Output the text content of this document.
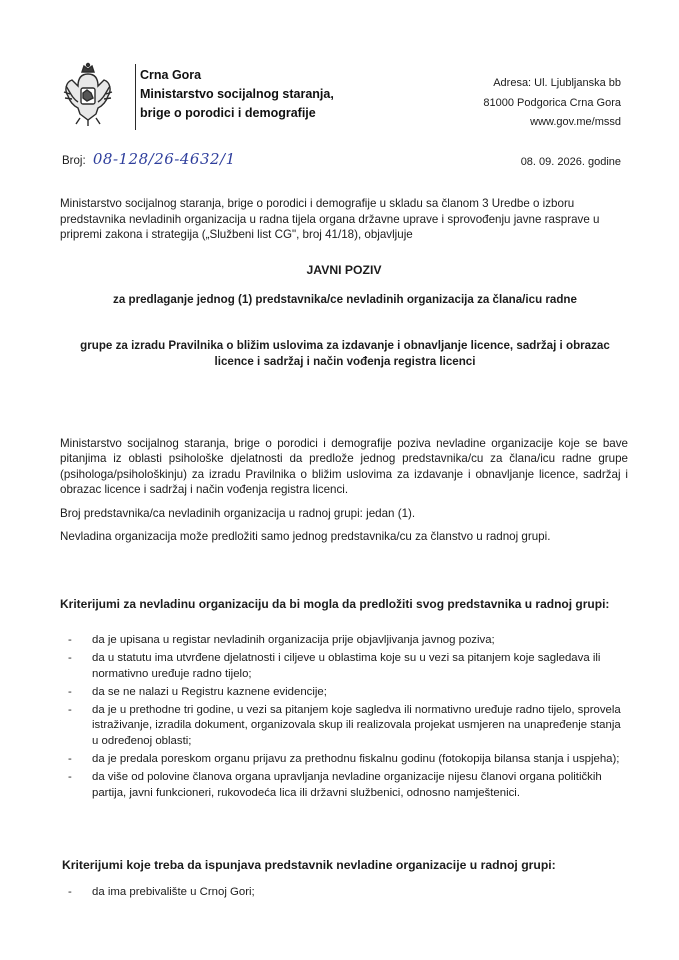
Crna Gora
Ministarstvo socijalnog staranja,
brige o porodici i demografije
Adresa: Ul. Ljubljanska bb
81000 Podgorica Crna Gora
www.gov.me/mssd
Broj: 08-128/26-4632/1	08. 09. 2026. godine

Ministarstvo socijalnog staranja, brige o porodici i demografije u skladu sa članom 3 Uredbe o izboru predstavnika nevladinih organizacija u radna tijela organa državne uprave i sprovođenju javne rasprave u pripremi zakona i strategija („Službeni list CG", broj 41/18), objavljuje

JAVNI POZIV
za predlaganje jednog (1) predstavnika/ce nevladinih organizacija za člana/icu radne
grupe za izradu Pravilnika o bližim uslovima za izdavanje i obnavljanje licence, sadržaj i obrazac licence i sadržaj i način vođenja registra licenci

Ministarstvo socijalnog staranja, brige o porodici i demografije poziva nevladine organizacije koje se bave pitanjima iz oblasti psihološke djelatnosti da predlože jednog predstavnika/cu za člana/icu radne grupe (psihologa/psihološkinju) za izradu Pravilnika o bližim uslovima za izdavanje i obnavljanje licence, sadržaj i obrazac licence i sadržaj i način vođenja registra licenci.

Broj predstavnika/ca nevladinih organizacija u radnoj grupi: jedan (1).

Nevladina organizacija može predložiti samo jednog predstavnika/cu za članstvo u radnoj grupi.

Kriterijumi za nevladinu organizaciju da bi mogla da predložiti svog predstavnika u radnoj grupi:
- da je upisana u registar nevladinih organizacija prije objavljivanja javnog poziva;
- da u statutu ima utvrđene djelatnosti i ciljeve u oblastima koje su u vezi sa pitanjem koje sagledava ili normativno uređuje radno tijelo;
- da se ne nalazi u Registru kaznene evidencije;
- da je u prethodne tri godine, u vezi sa pitanjem koje sagledva ili normativno uređuje radno tijelo, sprovela istraživanje, izradila dokument, organizovala skup ili realizovala projekat usmjeren na unapređenje stanja u određenoj oblasti;
- da je predala poreskom organu prijavu za prethodnu fiskalnu godinu (fotokopija bilansa stanja i uspjeha);
- da više od polovine članova organa upravljanja nevladine organizacije nijesu članovi organa političkih partija, javni funkcioneri, rukovodeća lica ili državni službenici, odnosno namještenici.
Kriterijumi koje treba da ispunjava predstavnik nevladine organizacije u radnoj grupi:
- da ima prebivalište u Crnoj Gori;
